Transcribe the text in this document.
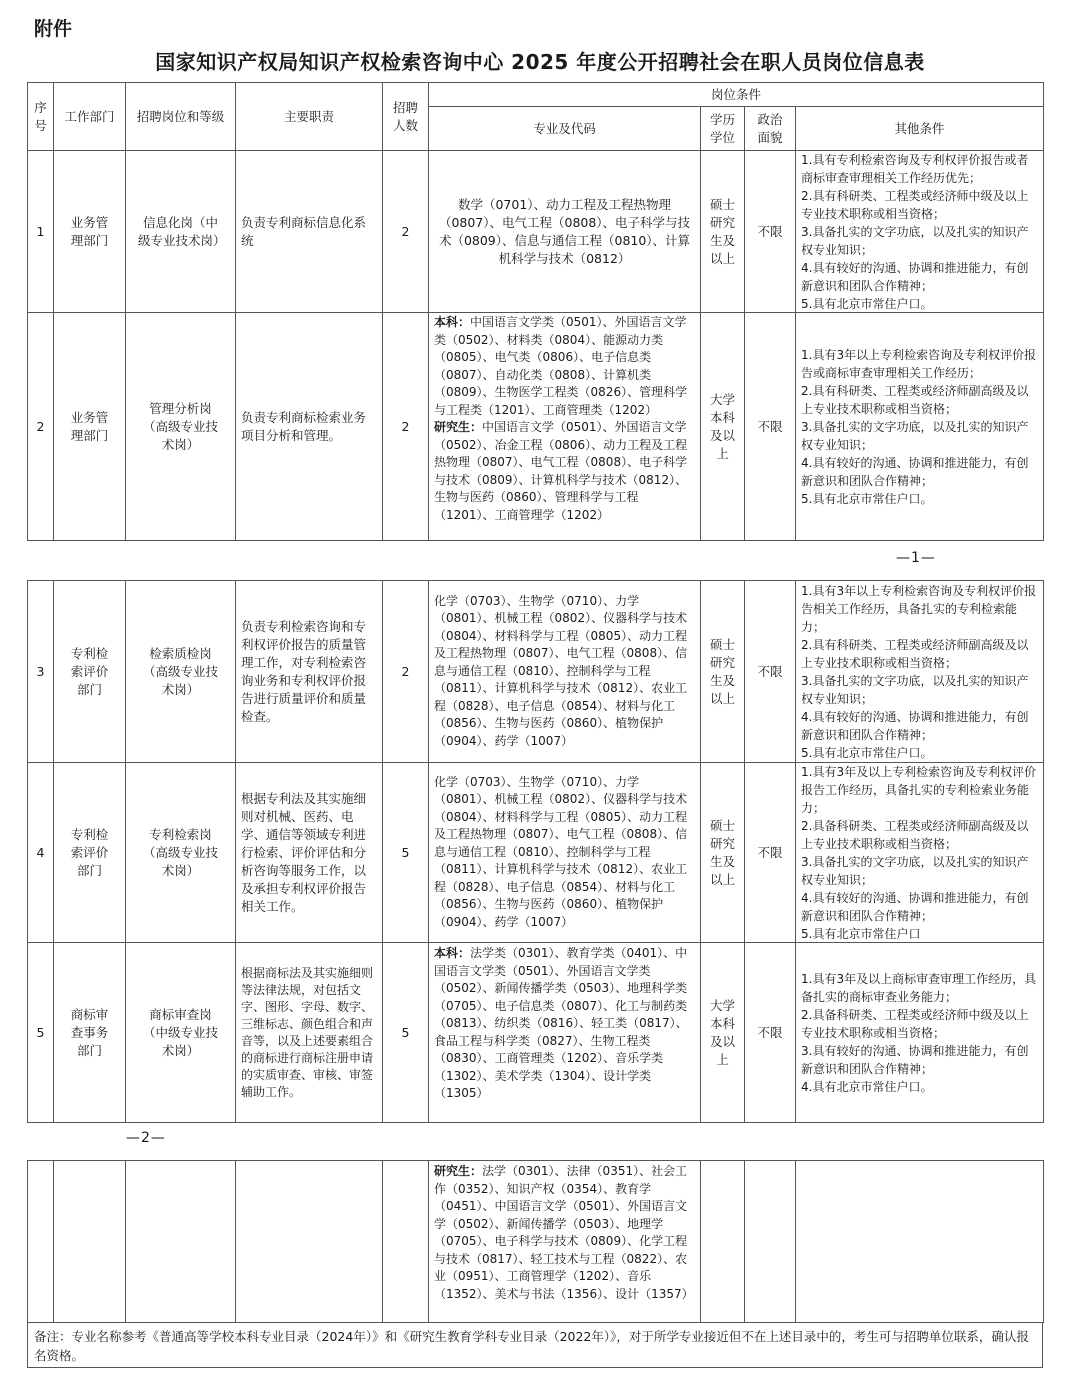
附件
国家知识产权局知识产权检索咨询中心 2025 年度公开招聘社会在职人员岗位信息表
序号
工作部门	招聘岗位和等级	主要职责
招聘人数
岗位条件
专业及代码
学历学位
政治面貌
其他条件
1
业务管理部门
信息化岗（中级专业技术岗）
负责专利商标信息化系统
2
数学（0701）、动力工程及工程热物理（0807）、电气工程（0808）、电子科学与技术（0809）、信息与通信工程（0810）、计算机科学与技术（0812）
硕士研究生及以上
不限
1.具有专利检索咨询及专利权评价报告或者商标审查审理相关工作经历优先；
2.具有科研类、工程类或经济师中级及以上专业技术职称或相当资格；
3.具备扎实的文字功底，以及扎实的知识产权专业知识；
4.具有较好的沟通、协调和推进能力，有创新意识和团队合作精神；
5.具有北京市常住户口。
2
业务管理部门
管理分析岗（高级专业技术岗）
负责专利商标检索业务项目分析和管理。
2
本科：中国语言文学类（0501）、外国语言文学类（0502）、材料类（0804）、能源动力类（0805）、电气类（0806）、电子信息类（0807）、自动化类（0808）、计算机类（0809）、生物医学工程类（0826）、管理科学与工程类（1201）、工商管理类（1202）
研究生：中国语言文学（0501）、外国语言文学（0502）、冶金工程（0806）、动力工程及工程热物理（0807）、电气工程（0808）、电子科学与技术（0809）、计算机科学与技术（0812）、生物与医药（0860）、管理科学与工程（1201）、工商管理学（1202）
大学本科及以上
不限
1.具有3年以上专利检索咨询及专利权评价报告或商标审查审理相关工作经历；
2.具有科研类、工程类或经济师副高级及以上专业技术职称或相当资格；
3.具备扎实的文字功底，以及扎实的知识产权专业知识；
4.具有较好的沟通、协调和推进能力，有创新意识和团队合作精神；
5.具有北京市常住户口。
—1—
3
专利检索评价部门
检索质检岗（高级专业技术岗）
负责专利检索咨询和专利权评价报告的质量管理工作，对专利检索咨询业务和专利权评价报告进行质量评价和质量检查。
2
化学（0703）、生物学（0710）、力学（0801）、机械工程（0802）、仪器科学与技术（0804）、材料科学与工程（0805）、动力工程及工程热物理（0807）、电气工程（0808）、信息与通信工程（0810）、控制科学与工程（0811）、计算机科学与技术（0812）、农业工程（0828）、电子信息（0854）、材料与化工（0856）、生物与医药（0860）、植物保护（0904）、药学（1007）
硕士研究生及以上
不限
1.具有3年以上专利检索咨询及专利权评价报告相关工作经历，具备扎实的专利检索能力；
2.具有科研类、工程类或经济师副高级及以上专业技术职称或相当资格；
3.具备扎实的文字功底，以及扎实的知识产权专业知识；
4.具有较好的沟通、协调和推进能力，有创新意识和团队合作精神；
5.具有北京市常住户口。
4
专利检索评价部门
专利检索岗（高级专业技术岗）
根据专利法及其实施细则对机械、医药、电学、通信等领域专利进行检索、评价评估和分析咨询等服务工作，以及承担专利权评价报告相关工作。
5
化学（0703）、生物学（0710）、力学（0801）、机械工程（0802）、仪器科学与技术（0804）、材料科学与工程（0805）、动力工程及工程热物理（0807）、电气工程（0808）、信息与通信工程（0810）、控制科学与工程（0811）、计算机科学与技术（0812）、农业工程（0828）、电子信息（0854）、材料与化工（0856）、生物与医药（0860）、植物保护（0904）、药学（1007）
硕士研究生及以上
不限
1.具有3年及以上专利检索咨询及专利权评价报告工作经历，具备扎实的专利检索业务能力；
2.具备科研类、工程类或经济师副高级及以上专业技术职称或相当资格；
3.具备扎实的文字功底，以及扎实的知识产权专业知识；
4.具有较好的沟通、协调和推进能力，有创新意识和团队合作精神；
5.具有北京市常住户口
5
商标审查事务部门
商标审查岗（中级专业技术岗）
根据商标法及其实施细则等法律法规，对包括文字、图形、字母、数字、三维标志、颜色组合和声音等，以及上述要素组合的商标进行商标注册申请的实质审查、审核、审签辅助工作。
5
本科：法学类（0301）、教育学类（0401）、中国语言文学类（0501）、外国语言文学类（0502）、新闻传播学类（0503）、地理科学类（0705）、电子信息类（0807）、化工与制药类（0813）、纺织类（0816）、轻工类（0817）、食品工程与科学类（0827）、生物工程类（0830）、工商管理类（1202）、音乐学类（1302）、美术学类（1304）、设计学类（1305）
大学本科及以上
不限
1.具有3年及以上商标审查审理工作经历，具备扎实的商标审查业务能力；
2.具备科研类、工程类或经济师中级及以上专业技术职称或相当资格；
3.具有较好的沟通、协调和推进能力，有创新意识和团队合作精神；
4.具有北京市常住户口。
—2—
研究生：法学（0301）、法律（0351）、社会工作（0352）、知识产权（0354）、教育学（0451）、中国语言文学（0501）、外国语言文学（0502）、新闻传播学（0503）、地理学（0705）、电子科学与技术（0809）、化学工程与技术（0817）、轻工技术与工程（0822）、农业（0951）、工商管理学（1202）、音乐（1352）、美术与书法（1356）、设计（1357）
备注：专业名称参考《普通高等学校本科专业目录（2024年）》和《研究生教育学科专业目录（2022年）》，对于所学专业接近但不在上述目录中的，考生可与招聘单位联系，确认报名资格。
